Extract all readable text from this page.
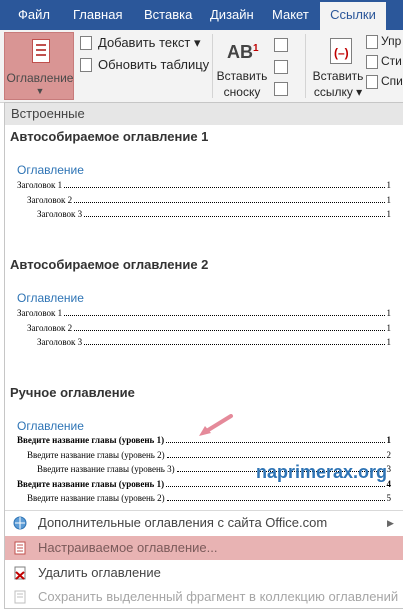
Файл Главная Вставка Дизайн Макет	Ссылки
Оглавление
▼
Добавить текст ▾
Обновить таблицу
$AB^1$
Вставить
сноску
(–)
Вставить
ссылку ▾
Упр
Сти
Спи
Встроенные
Автособираемое оглавление 1
Оглавление
Заголовок 1	1
Заголовок 2	1
Заголовок 3	1
Автособираемое оглавление 2
Оглавление
Заголовок 1	1
Заголовок 2	1
Заголовок 3	1
Ручное оглавление
Оглавление
Введите название главы (уровень 1)	1
Введите название главы (уровень 2)	2
Введите название главы (уровень 3)	3
Введите название главы (уровень 1)	4
Введите название главы (уровень 2)	5
Дополнительные оглавления с сайта Office.com	▶
Настраиваемое оглавление...
Удалить оглавление
Сохранить выделенный фрагмент в коллекцию оглавлений
naprimerax.org
